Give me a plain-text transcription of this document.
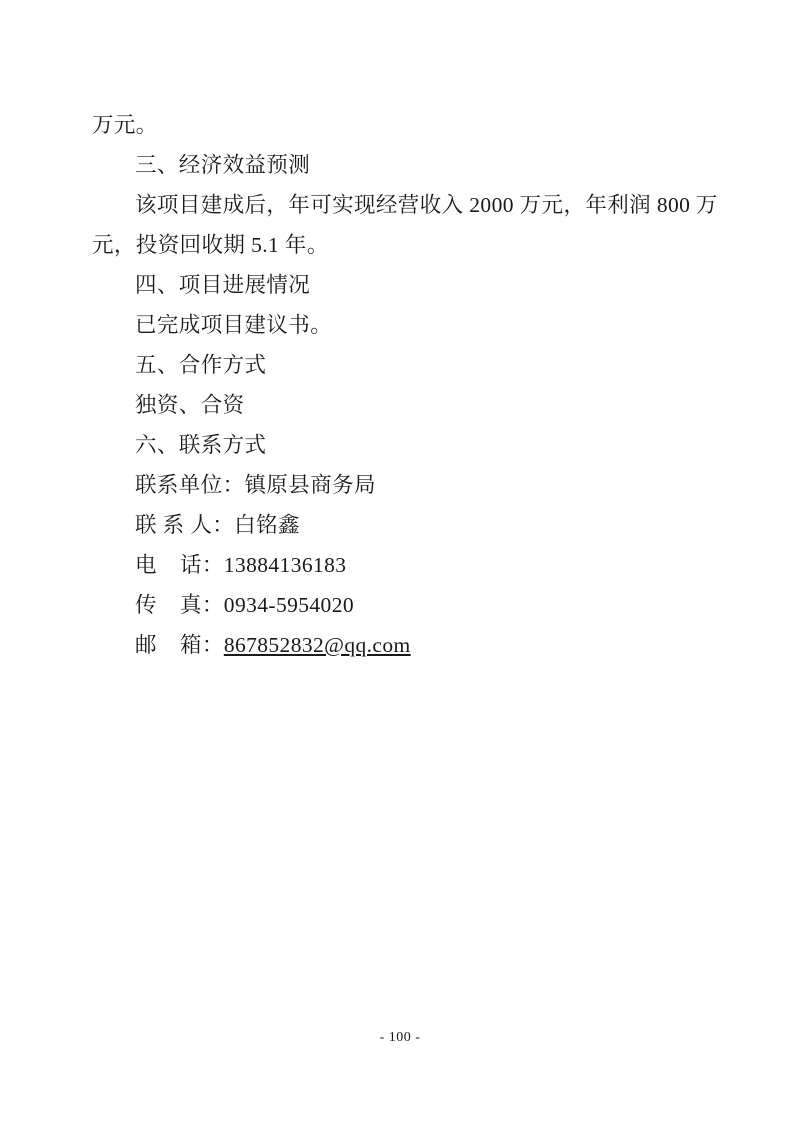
万元。
三、经济效益预测
该项目建成后，年可实现经营收入 2000 万元，年利润 800 万
元，投资回收期 5.1 年。
四、项目进展情况
已完成项目建议书。
五、合作方式
独资、合资
六、联系方式
联系单位：镇原县商务局
联 系 人：白铭鑫
电    话：13884136183
传    真：0934-5954020
邮    箱：867852832@qq.com
- 100 -
